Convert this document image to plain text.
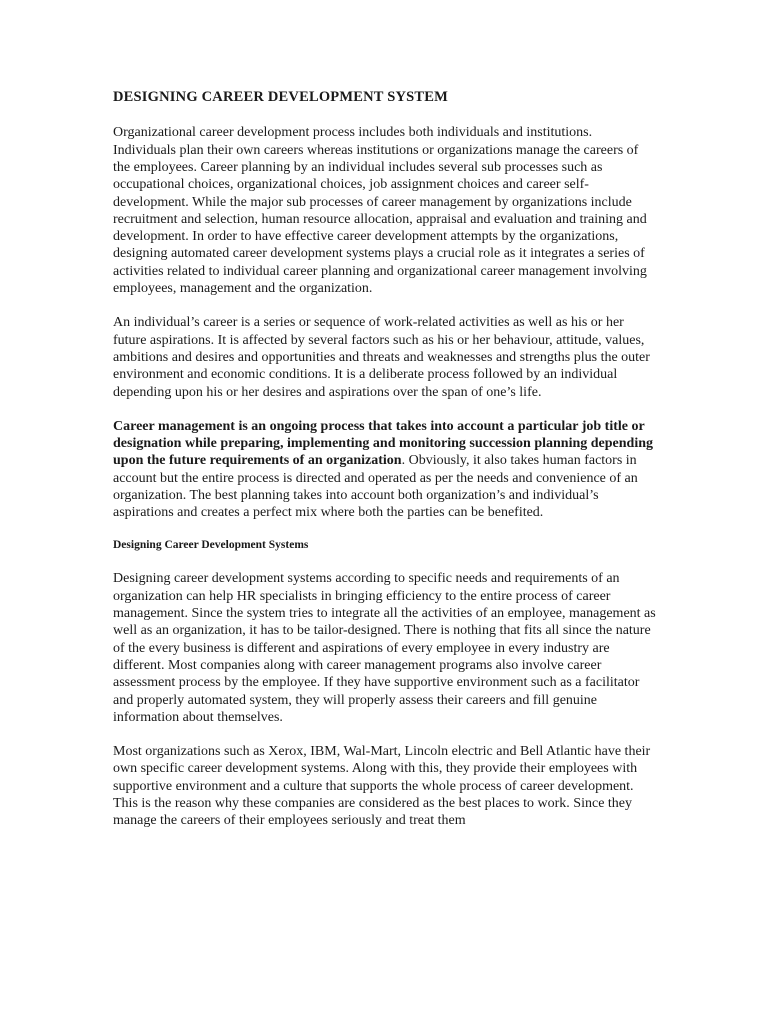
DESIGNING CAREER DEVELOPMENT SYSTEM

Organizational career development process includes both individuals and institutions. Individuals plan their own careers whereas institutions or organizations manage the careers of the employees. Career planning by an individual includes several sub processes such as occupational choices, organizational choices, job assignment choices and career self-development. While the major sub processes of career management by organizations include recruitment and selection, human resource allocation, appraisal and evaluation and training and development. In order to have effective career development attempts by the organizations, designing automated career development systems plays a crucial role as it integrates a series of activities related to individual career planning and organizational career management involving employees, management and the organization.

An individual’s career is a series or sequence of work-related activities as well as his or her future aspirations. It is affected by several factors such as his or her behaviour, attitude, values, ambitions and desires and opportunities and threats and weaknesses and strengths plus the outer environment and economic conditions. It is a deliberate process followed by an individual depending upon his or her desires and aspirations over the span of one’s life.

Career management is an ongoing process that takes into account a particular job title or designation while preparing, implementing and monitoring succession planning depending upon the future requirements of an organization. Obviously, it also takes human factors in account but the entire process is directed and operated as per the needs and convenience of an organization. The best planning takes into account both organization’s and individual’s aspirations and creates a perfect mix where both the parties can be benefited.

Designing Career Development Systems

Designing career development systems according to specific needs and requirements of an organization can help HR specialists in bringing efficiency to the entire process of career management. Since the system tries to integrate all the activities of an employee, management as well as an organization, it has to be tailor-designed. There is nothing that fits all since the nature of the every business is different and aspirations of every employee in every industry are different. Most companies along with career management programs also involve career assessment process by the employee. If they have supportive environment such as a facilitator and properly automated system, they will properly assess their careers and fill genuine information about themselves.

Most organizations such as Xerox, IBM, Wal-Mart, Lincoln electric and Bell Atlantic have their own specific career development systems. Along with this, they provide their employees with supportive environment and a culture that supports the whole process of career development. This is the reason why these companies are considered as the best places to work. Since they manage the careers of their employees seriously and treat them
